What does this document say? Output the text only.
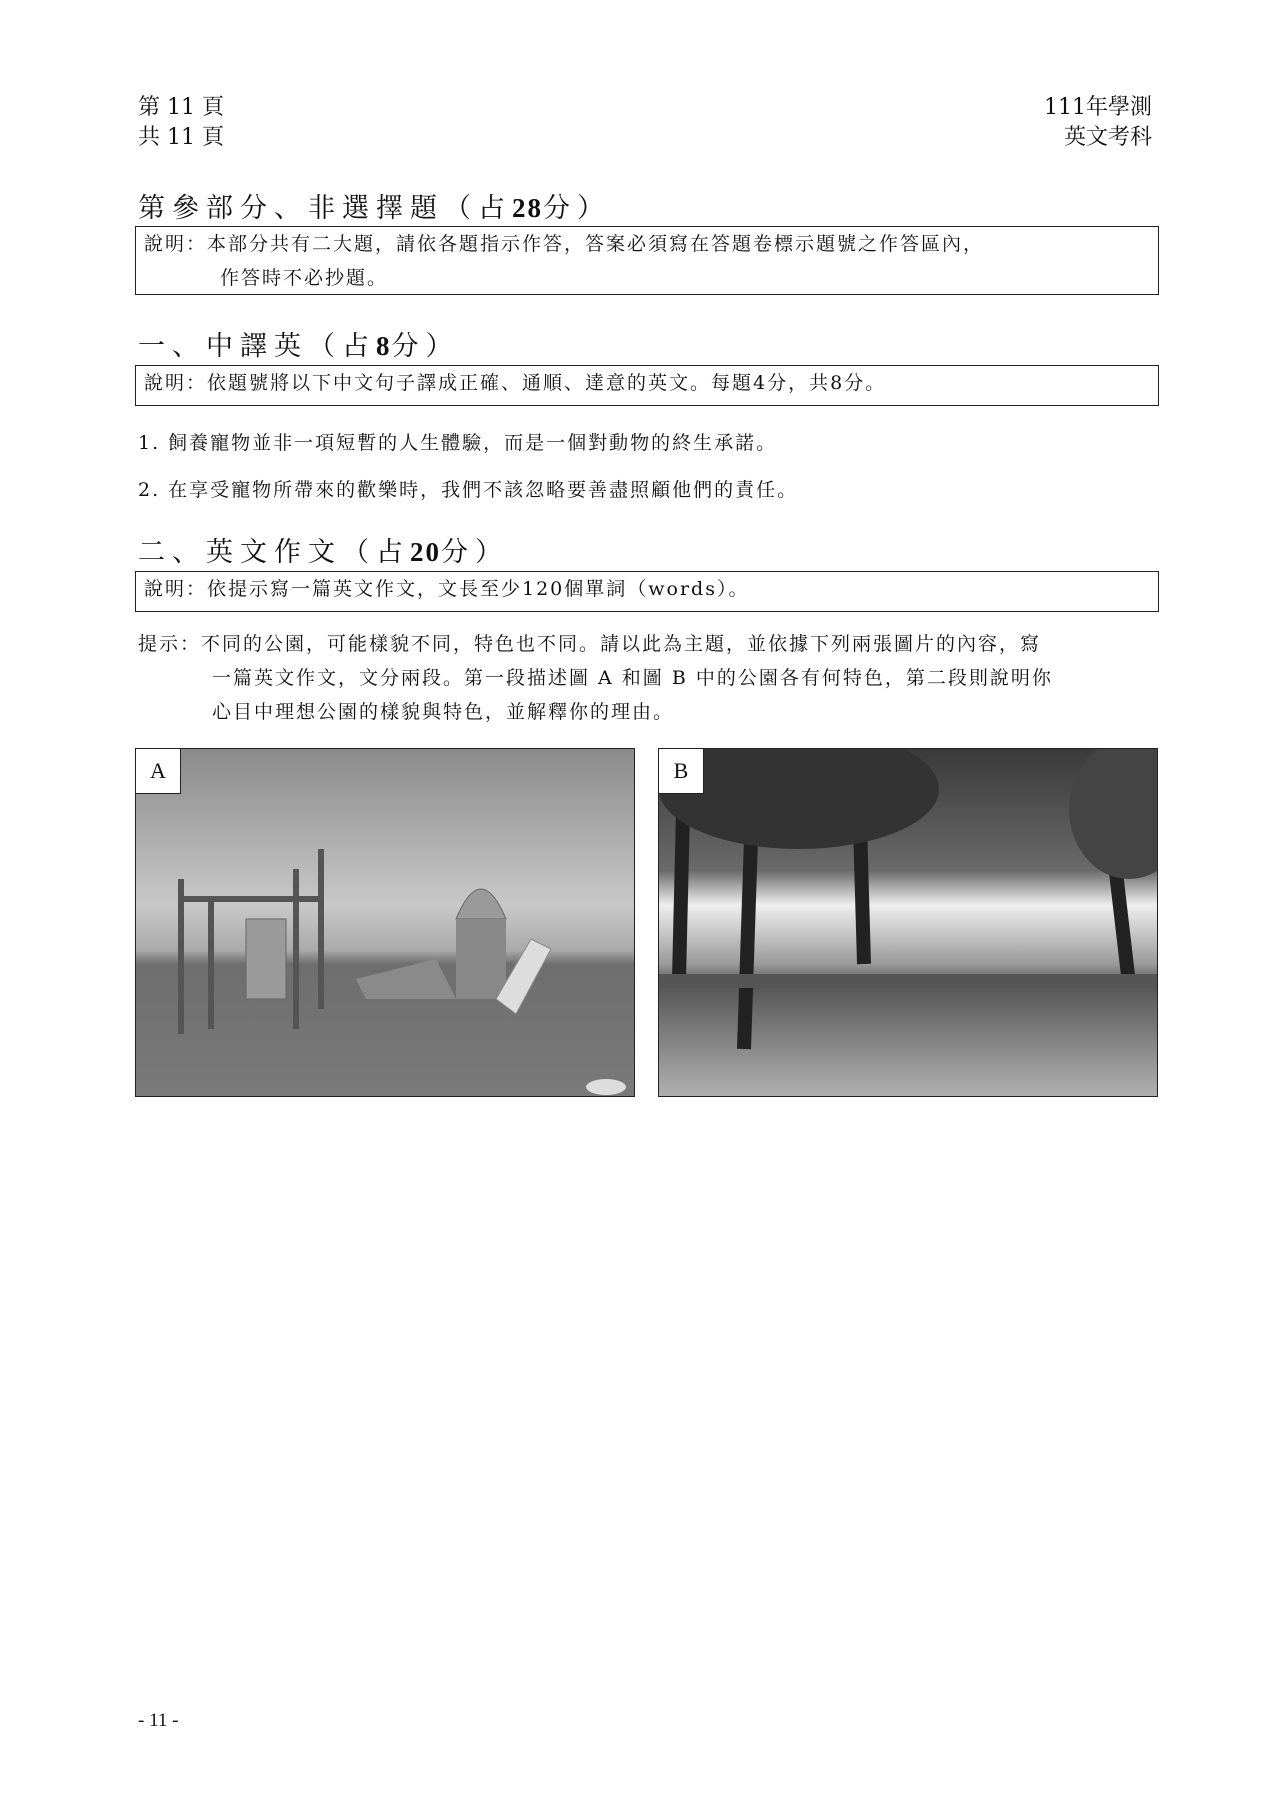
第 11 頁
共 11 頁
111年學測
英文考科
第參部分、非選擇題（占28分）
說明：本部分共有二大題，請依各題指示作答，答案必須寫在答題卷標示題號之作答區內，
作答時不必抄題。
一、中譯英（占8分）
說明：依題號將以下中文句子譯成正確、通順、達意的英文。每題4分，共8分。
1. 飼養寵物並非一項短暫的人生體驗，而是一個對動物的終生承諾。
2. 在享受寵物所帶來的歡樂時，我們不該忽略要善盡照顧他們的責任。
二、英文作文（占20分）
說明：依提示寫一篇英文作文，文長至少120個單詞（words）。
提示：不同的公園，可能樣貌不同，特色也不同。請以此為主題，並依據下列兩張圖片的內容，寫
一篇英文作文，文分兩段。第一段描述圖 A 和圖 B 中的公園各有何特色，第二段則說明你
心目中理想公園的樣貌與特色，並解釋你的理由。
A	B
- 11 -
